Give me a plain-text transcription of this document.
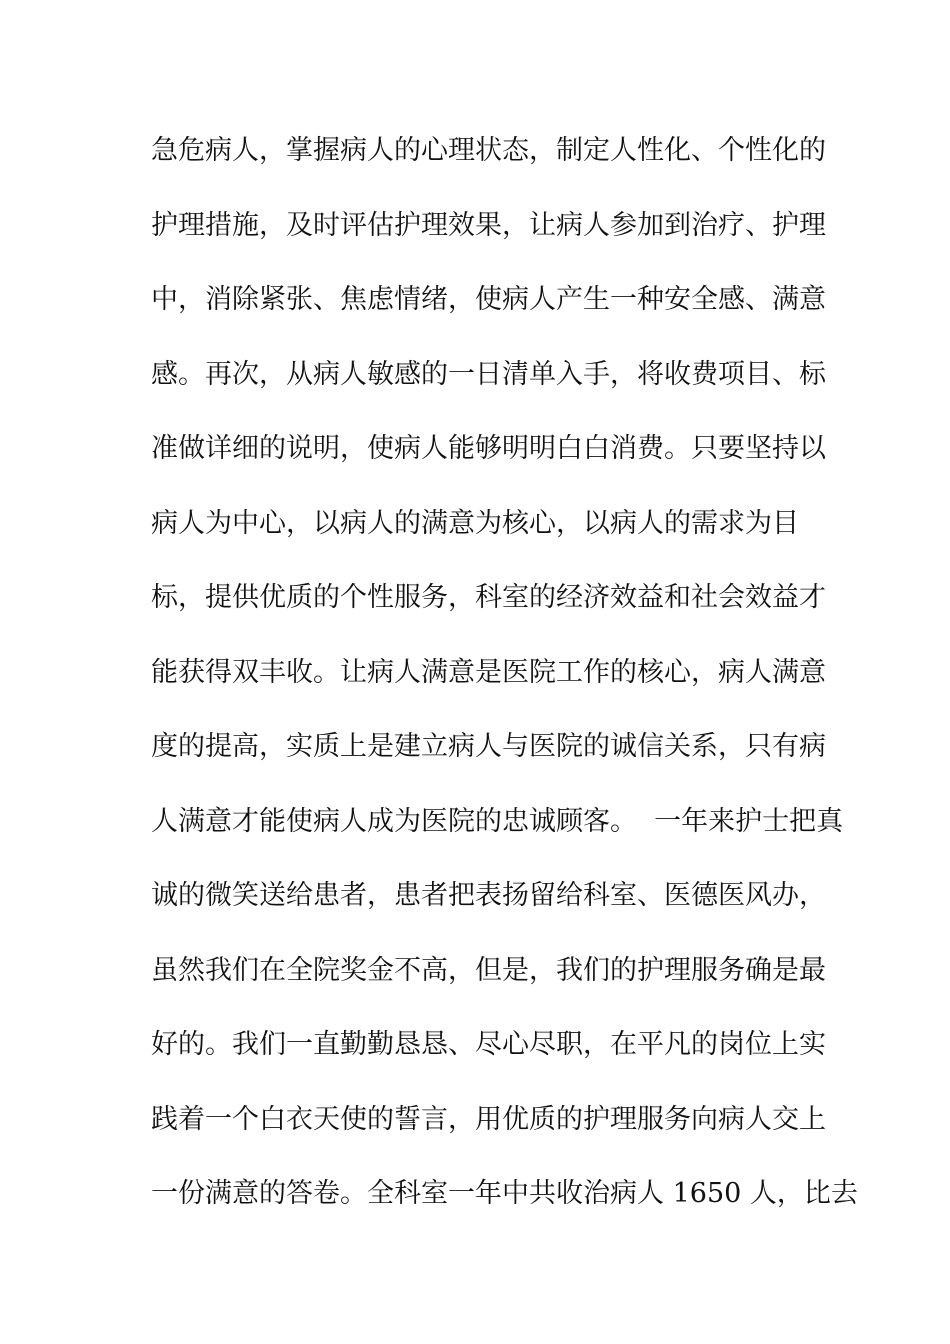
急危病人，掌握病人的心理状态，制定人性化、个性化的
护理措施，及时评估护理效果，让病人参加到治疗、护理
中，消除紧张、焦虑情绪，使病人产生一种安全感、满意
感。再次，从病人敏感的一日清单入手，将收费项目、标
准做详细的说明，使病人能够明明白白消费。只要坚持以
病人为中心，以病人的满意为核心，以病人的需求为目
标，提供优质的个性服务，科室的经济效益和社会效益才
能获得双丰收。让病人满意是医院工作的核心，病人满意
度的提高，实质上是建立病人与医院的诚信关系，只有病
人满意才能使病人成为医院的忠诚顾客。  一年来护士把真
诚的微笑送给患者，患者把表扬留给科室、医德医风办，
虽然我们在全院奖金不高，但是，我们的护理服务确是最
好的。我们一直勤勤恳恳、尽心尽职，在平凡的岗位上实
践着一个白衣天使的誓言，用优质的护理服务向病人交上
一份满意的答卷。全科室一年中共收治病人 1650 人，比去
